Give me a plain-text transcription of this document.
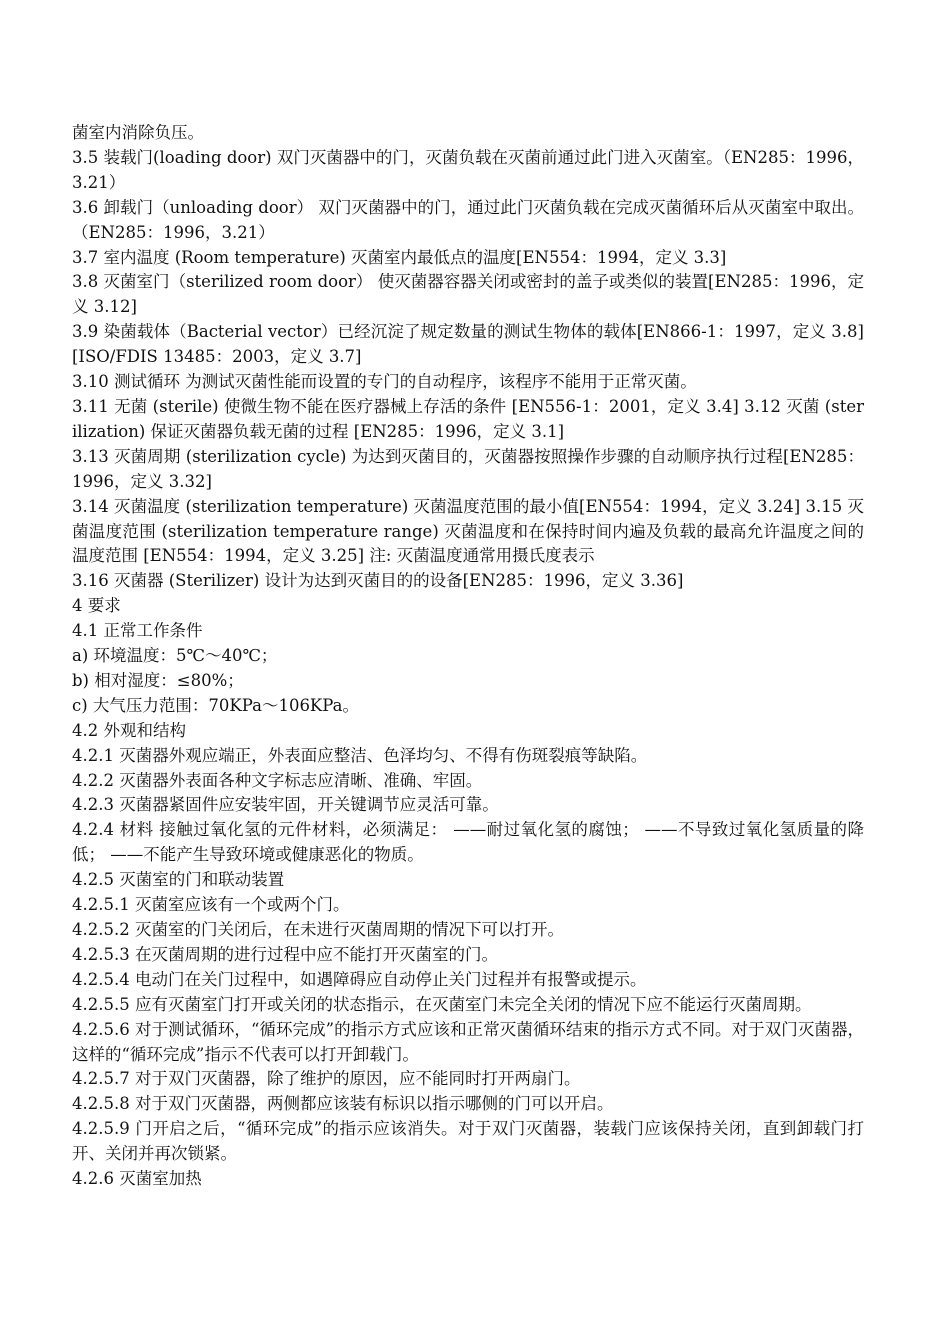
菌室内消除负压。

3.5 装载门(loading door) 双门灭菌器中的门，灭菌负载在灭菌前通过此门进入灭菌室。（EN285：1996，3.21）

3.6 卸载门（unloading door） 双门灭菌器中的门，通过此门灭菌负载在完成灭菌循环后从灭菌室中取出。（EN285：1996，3.21）

3.7 室内温度 (Room temperature) 灭菌室内最低点的温度[EN554：1994，定义 3.3]

3.8 灭菌室门（sterilized room door） 使灭菌器容器关闭或密封的盖子或类似的装置[EN285：1996，定义 3.12]

3.9 染菌载体（Bacterial vector）已经沉淀了规定数量的测试生物体的载体[EN866-1：1997，定义 3.8] [ISO/FDIS 13485：2003，定义 3.7]

3.10 测试循环 为测试灭菌性能而设置的专门的自动程序，该程序不能用于正常灭菌。

3.11 无菌 (sterile) 使微生物不能在医疗器械上存活的条件 [EN556-1：2001，定义 3.4] 3.12 灭菌 (sterilization) 保证灭菌器负载无菌的过程 [EN285：1996，定义 3.1]

3.13 灭菌周期 (sterilization cycle) 为达到灭菌目的，灭菌器按照操作步骤的自动顺序执行过程[EN285：1996，定义 3.32]

3.14 灭菌温度 (sterilization temperature) 灭菌温度范围的最小值[EN554：1994，定义 3.24] 3.15 灭菌温度范围 (sterilization temperature range) 灭菌温度和在保持时间内遍及负载的最高允许温度之间的温度范围 [EN554：1994，定义 3.25] 注: 灭菌温度通常用摄氏度表示

3.16 灭菌器 (Sterilizer) 设计为达到灭菌目的的设备[EN285：1996，定义 3.36]

4 要求

4.1 正常工作条件

a) 环境温度：5℃～40℃；

b) 相对湿度：≤80%；

c) 大气压力范围：70KPa～106KPa。

4.2 外观和结构

4.2.1 灭菌器外观应端正，外表面应整洁、色泽均匀、不得有伤斑裂痕等缺陷。

4.2.2 灭菌器外表面各种文字标志应清晰、准确、牢固。

4.2.3 灭菌器紧固件应安装牢固，开关键调节应灵活可靠。

4.2.4 材料 接触过氧化氢的元件材料，必须满足： ——耐过氧化氢的腐蚀； ——不导致过氧化氢质量的降低； ——不能产生导致环境或健康恶化的物质。

4.2.5 灭菌室的门和联动装置

4.2.5.1 灭菌室应该有一个或两个门。

4.2.5.2 灭菌室的门关闭后，在未进行灭菌周期的情况下可以打开。

4.2.5.3 在灭菌周期的进行过程中应不能打开灭菌室的门。

4.2.5.4 电动门在关门过程中，如遇障碍应自动停止关门过程并有报警或提示。

4.2.5.5 应有灭菌室门打开或关闭的状态指示，在灭菌室门未完全关闭的情况下应不能运行灭菌周期。

4.2.5.6 对于测试循环，“循环完成”的指示方式应该和正常灭菌循环结束的指示方式不同。对于双门灭菌器，这样的“循环完成”指示不代表可以打开卸载门。

4.2.5.7 对于双门灭菌器，除了维护的原因，应不能同时打开两扇门。

4.2.5.8 对于双门灭菌器，两侧都应该装有标识以指示哪侧的门可以开启。

4.2.5.9 门开启之后，“循环完成”的指示应该消失。对于双门灭菌器，装载门应该保持关闭，直到卸载门打开、关闭并再次锁紧。

4.2.6 灭菌室加热
